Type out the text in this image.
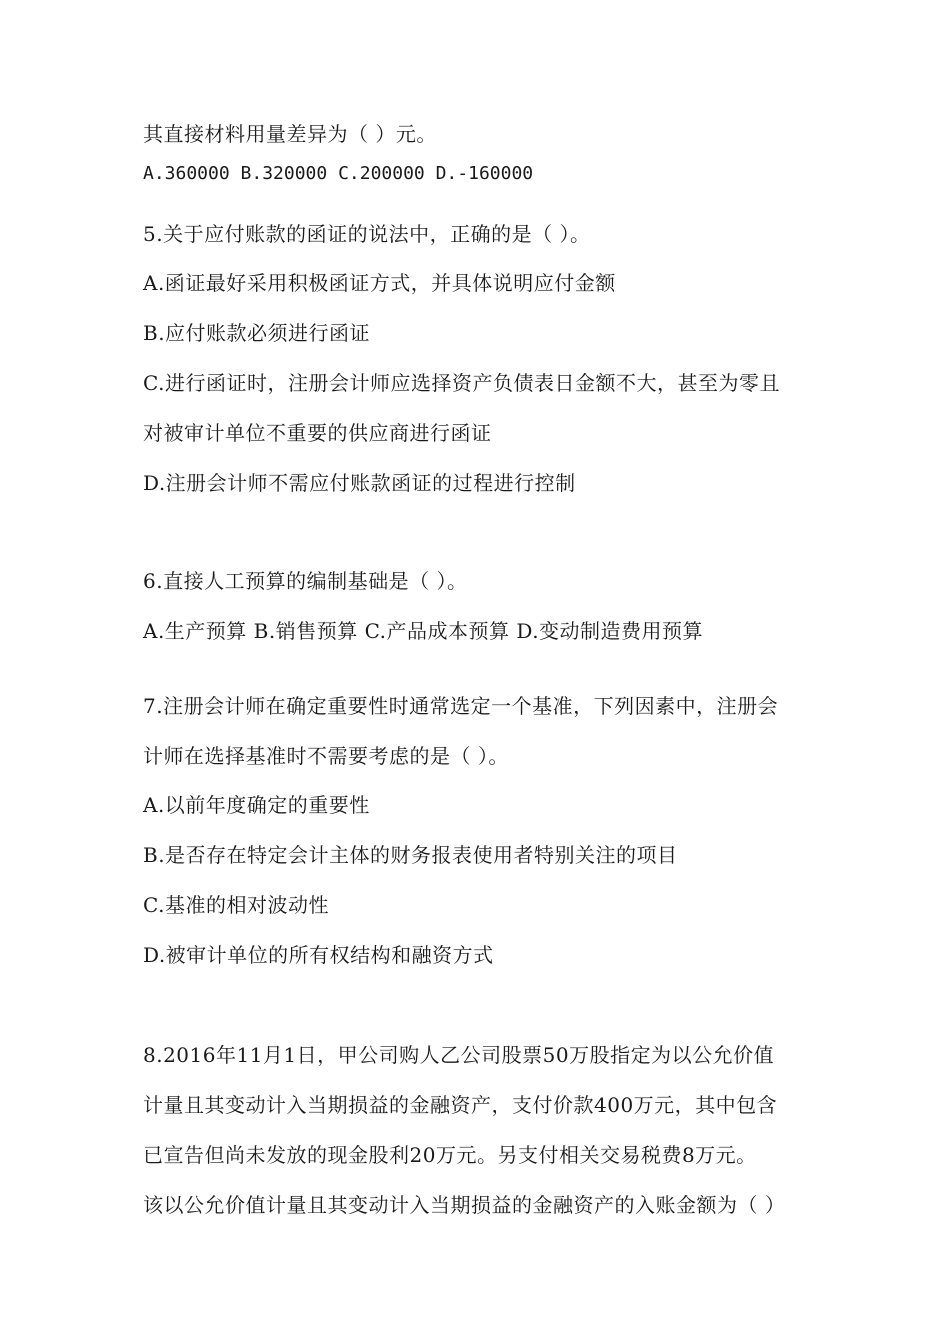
其直接材料用量差异为（ ）元。

A.360000 B.320000 C.200000 D.-160000

5.关于应付账款的函证的说法中，正确的是（ ）。

A.函证最好采用积极函证方式，并具体说明应付金额

B.应付账款必须进行函证

C.进行函证时，注册会计师应选择资产负债表日金额不大，甚至为零且

对被审计单位不重要的供应商进行函证

D.注册会计师不需应付账款函证的过程进行控制

6.直接人工预算的编制基础是（ ）。

A.生产预算 B.销售预算 C.产品成本预算 D.变动制造费用预算

7.注册会计师在确定重要性时通常选定一个基准，下列因素中，注册会

计师在选择基准时不需要考虑的是（ ）。

A.以前年度确定的重要性

B.是否存在特定会计主体的财务报表使用者特别关注的项目

C.基准的相对波动性

D.被审计单位的所有权结构和融资方式

8.2016年11月1日，甲公司购人乙公司股票50万股指定为以公允价值

计量且其变动计入当期损益的金融资产，支付价款400万元，其中包含

已宣告但尚未发放的现金股利20万元。另支付相关交易税费8万元。

该以公允价值计量且其变动计入当期损益的金融资产的入账金额为（ ）
